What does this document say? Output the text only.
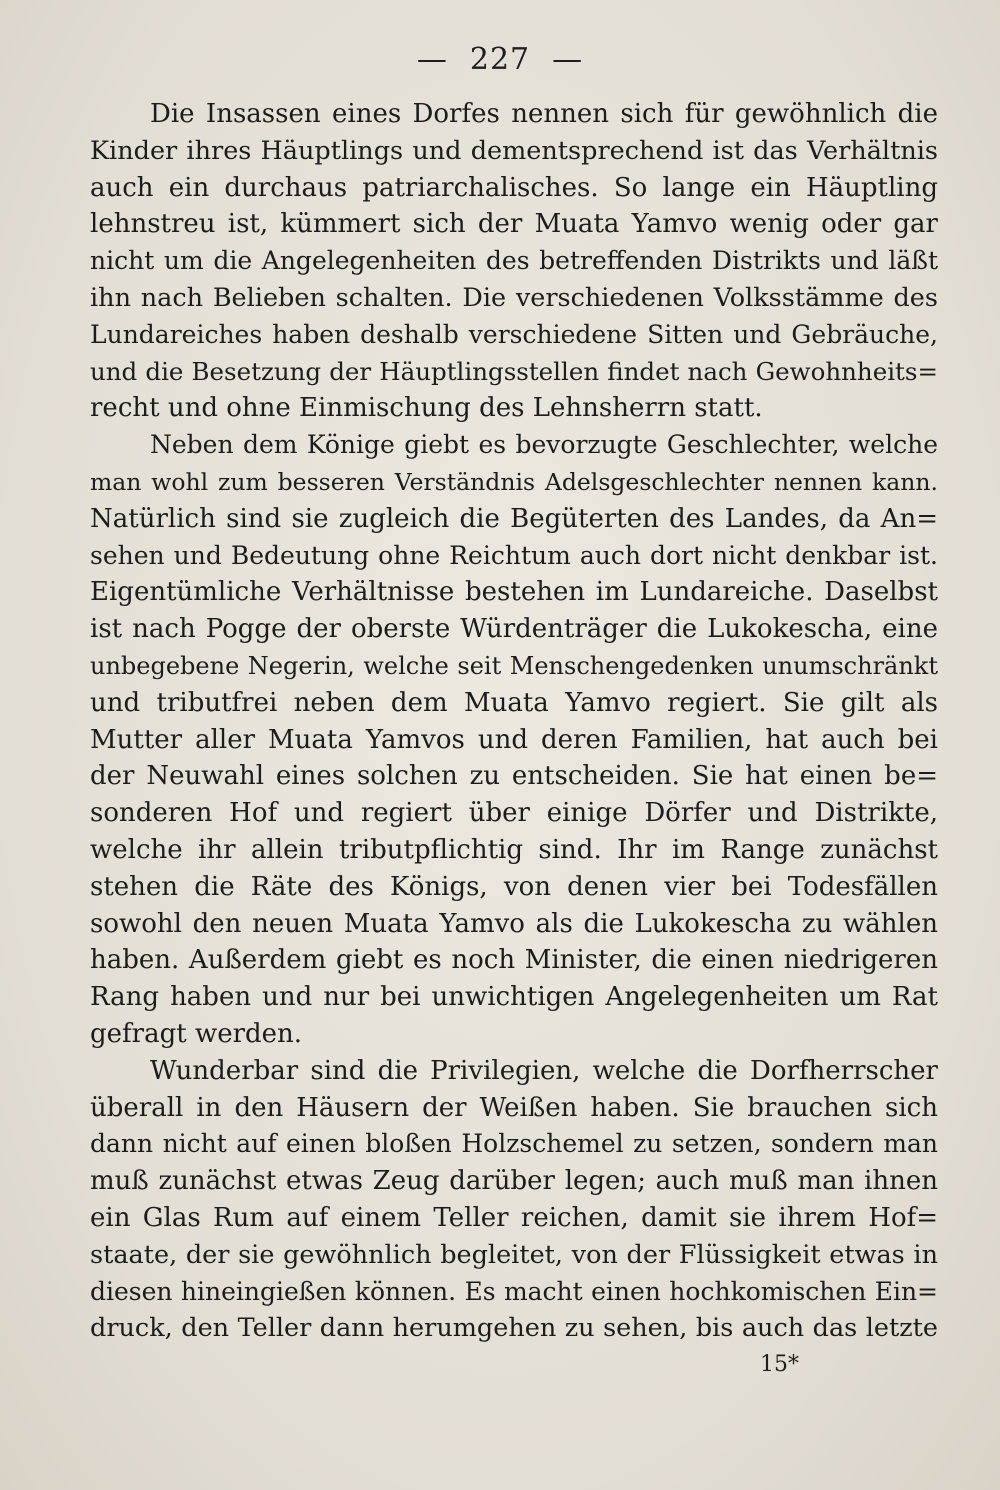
— 227 —
Die Insassen eines Dorfes nennen sich für gewöhnlich die
Kinder ihres Häuptlings und dementsprechend ist das Verhältnis
auch ein durchaus patriarchalisches. So lange ein Häuptling
lehnstreu ist, kümmert sich der Muata Yamvo wenig oder gar
nicht um die Angelegenheiten des betreffenden Distrikts und läßt
ihn nach Belieben schalten. Die verschiedenen Volksstämme des
Lundareiches haben deshalb verschiedene Sitten und Gebräuche,
und die Besetzung der Häuptlingsstellen findet nach Gewohnheits=
recht und ohne Einmischung des Lehnsherrn statt.
Neben dem Könige giebt es bevorzugte Geschlechter, welche
man wohl zum besseren Verständnis Adelsgeschlechter nennen kann.
Natürlich sind sie zugleich die Begüterten des Landes, da An=
sehen und Bedeutung ohne Reichtum auch dort nicht denkbar ist.
Eigentümliche Verhältnisse bestehen im Lundareiche. Daselbst
ist nach Pogge der oberste Würdenträger die Lukokescha, eine
unbegebene Negerin, welche seit Menschengedenken unumschränkt
und tributfrei neben dem Muata Yamvo regiert. Sie gilt als
Mutter aller Muata Yamvos und deren Familien, hat auch bei
der Neuwahl eines solchen zu entscheiden. Sie hat einen be=
sonderen Hof und regiert über einige Dörfer und Distrikte,
welche ihr allein tributpflichtig sind. Ihr im Range zunächst
stehen die Räte des Königs, von denen vier bei Todesfällen
sowohl den neuen Muata Yamvo als die Lukokescha zu wählen
haben. Außerdem giebt es noch Minister, die einen niedrigeren
Rang haben und nur bei unwichtigen Angelegenheiten um Rat
gefragt werden.
Wunderbar sind die Privilegien, welche die Dorfherrscher
überall in den Häusern der Weißen haben. Sie brauchen sich
dann nicht auf einen bloßen Holzschemel zu setzen, sondern man
muß zunächst etwas Zeug darüber legen; auch muß man ihnen
ein Glas Rum auf einem Teller reichen, damit sie ihrem Hof=
staate, der sie gewöhnlich begleitet, von der Flüssigkeit etwas in
diesen hineingießen können. Es macht einen hochkomischen Ein=
druck, den Teller dann herumgehen zu sehen, bis auch das letzte
15*
